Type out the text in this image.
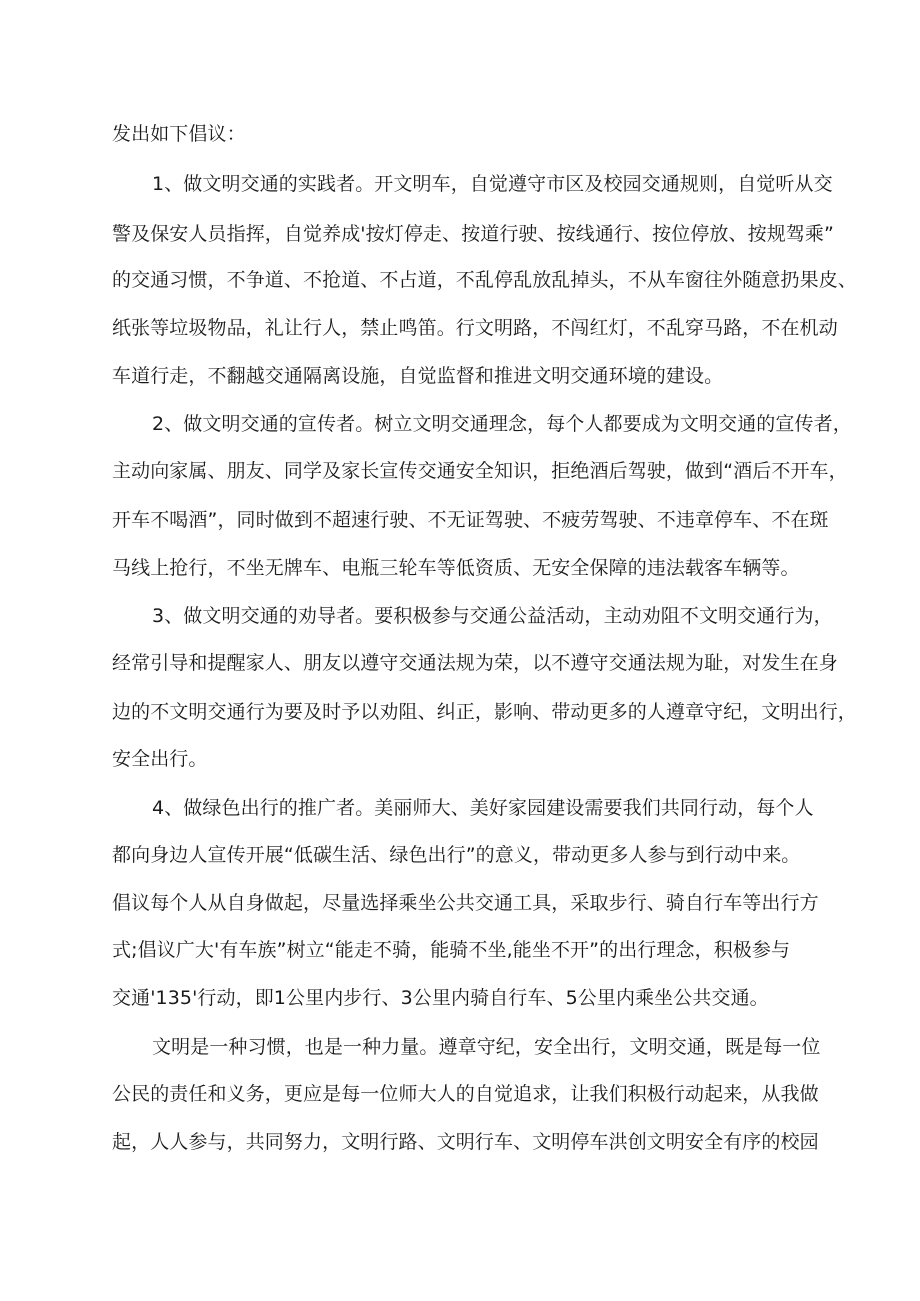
发出如下倡议：
1、做文明交通的实践者。开文明车，自觉遵守市区及校园交通规则，自觉听从交
警及保安人员指挥，自觉养成'按灯停走、按道行驶、按线通行、按位停放、按规驾乘”
的交通习惯，不争道、不抢道、不占道，不乱停乱放乱掉头，不从车窗往外随意扔果皮、
纸张等垃圾物品，礼让行人，禁止鸣笛。行文明路，不闯红灯，不乱穿马路，不在机动
车道行走，不翻越交通隔离设施，自觉监督和推进文明交通环境的建设。
2、做文明交通的宣传者。树立文明交通理念，每个人都要成为文明交通的宣传者，
主动向家属、朋友、同学及家长宣传交通安全知识，拒绝酒后驾驶，做到“酒后不开车，
开车不喝酒”，同时做到不超速行驶、不无证驾驶、不疲劳驾驶、不违章停车、不在斑
马线上抢行，不坐无牌车、电瓶三轮车等低资质、无安全保障的违法载客车辆等。
3、做文明交通的劝导者。要积极参与交通公益活动，主动劝阻不文明交通行为，
经常引导和提醒家人、朋友以遵守交通法规为荣，以不遵守交通法规为耻，对发生在身
边的不文明交通行为要及时予以劝阻、纠正，影响、带动更多的人遵章守纪，文明出行，
安全出行。
4、做绿色出行的推广者。美丽师大、美好家园建设需要我们共同行动，每个人
都向身边人宣传开展“低碳生活、绿色出行”的意义，带动更多人参与到行动中来。
倡议每个人从自身做起，尽量选择乘坐公共交通工具，采取步行、骑自行车等出行方
式;倡议广大'有车族”树立“能走不骑，能骑不坐,能坐不开”的出行理念，积极参与
交通'135'行动，即1公里内步行、3公里内骑自行车、5公里内乘坐公共交通。
文明是一种习惯，也是一种力量。遵章守纪，安全出行，文明交通，既是每一位
公民的责任和义务，更应是每一位师大人的自觉追求，让我们积极行动起来，从我做
起，人人参与，共同努力，文明行路、文明行车、文明停车洪创文明安全有序的校园
